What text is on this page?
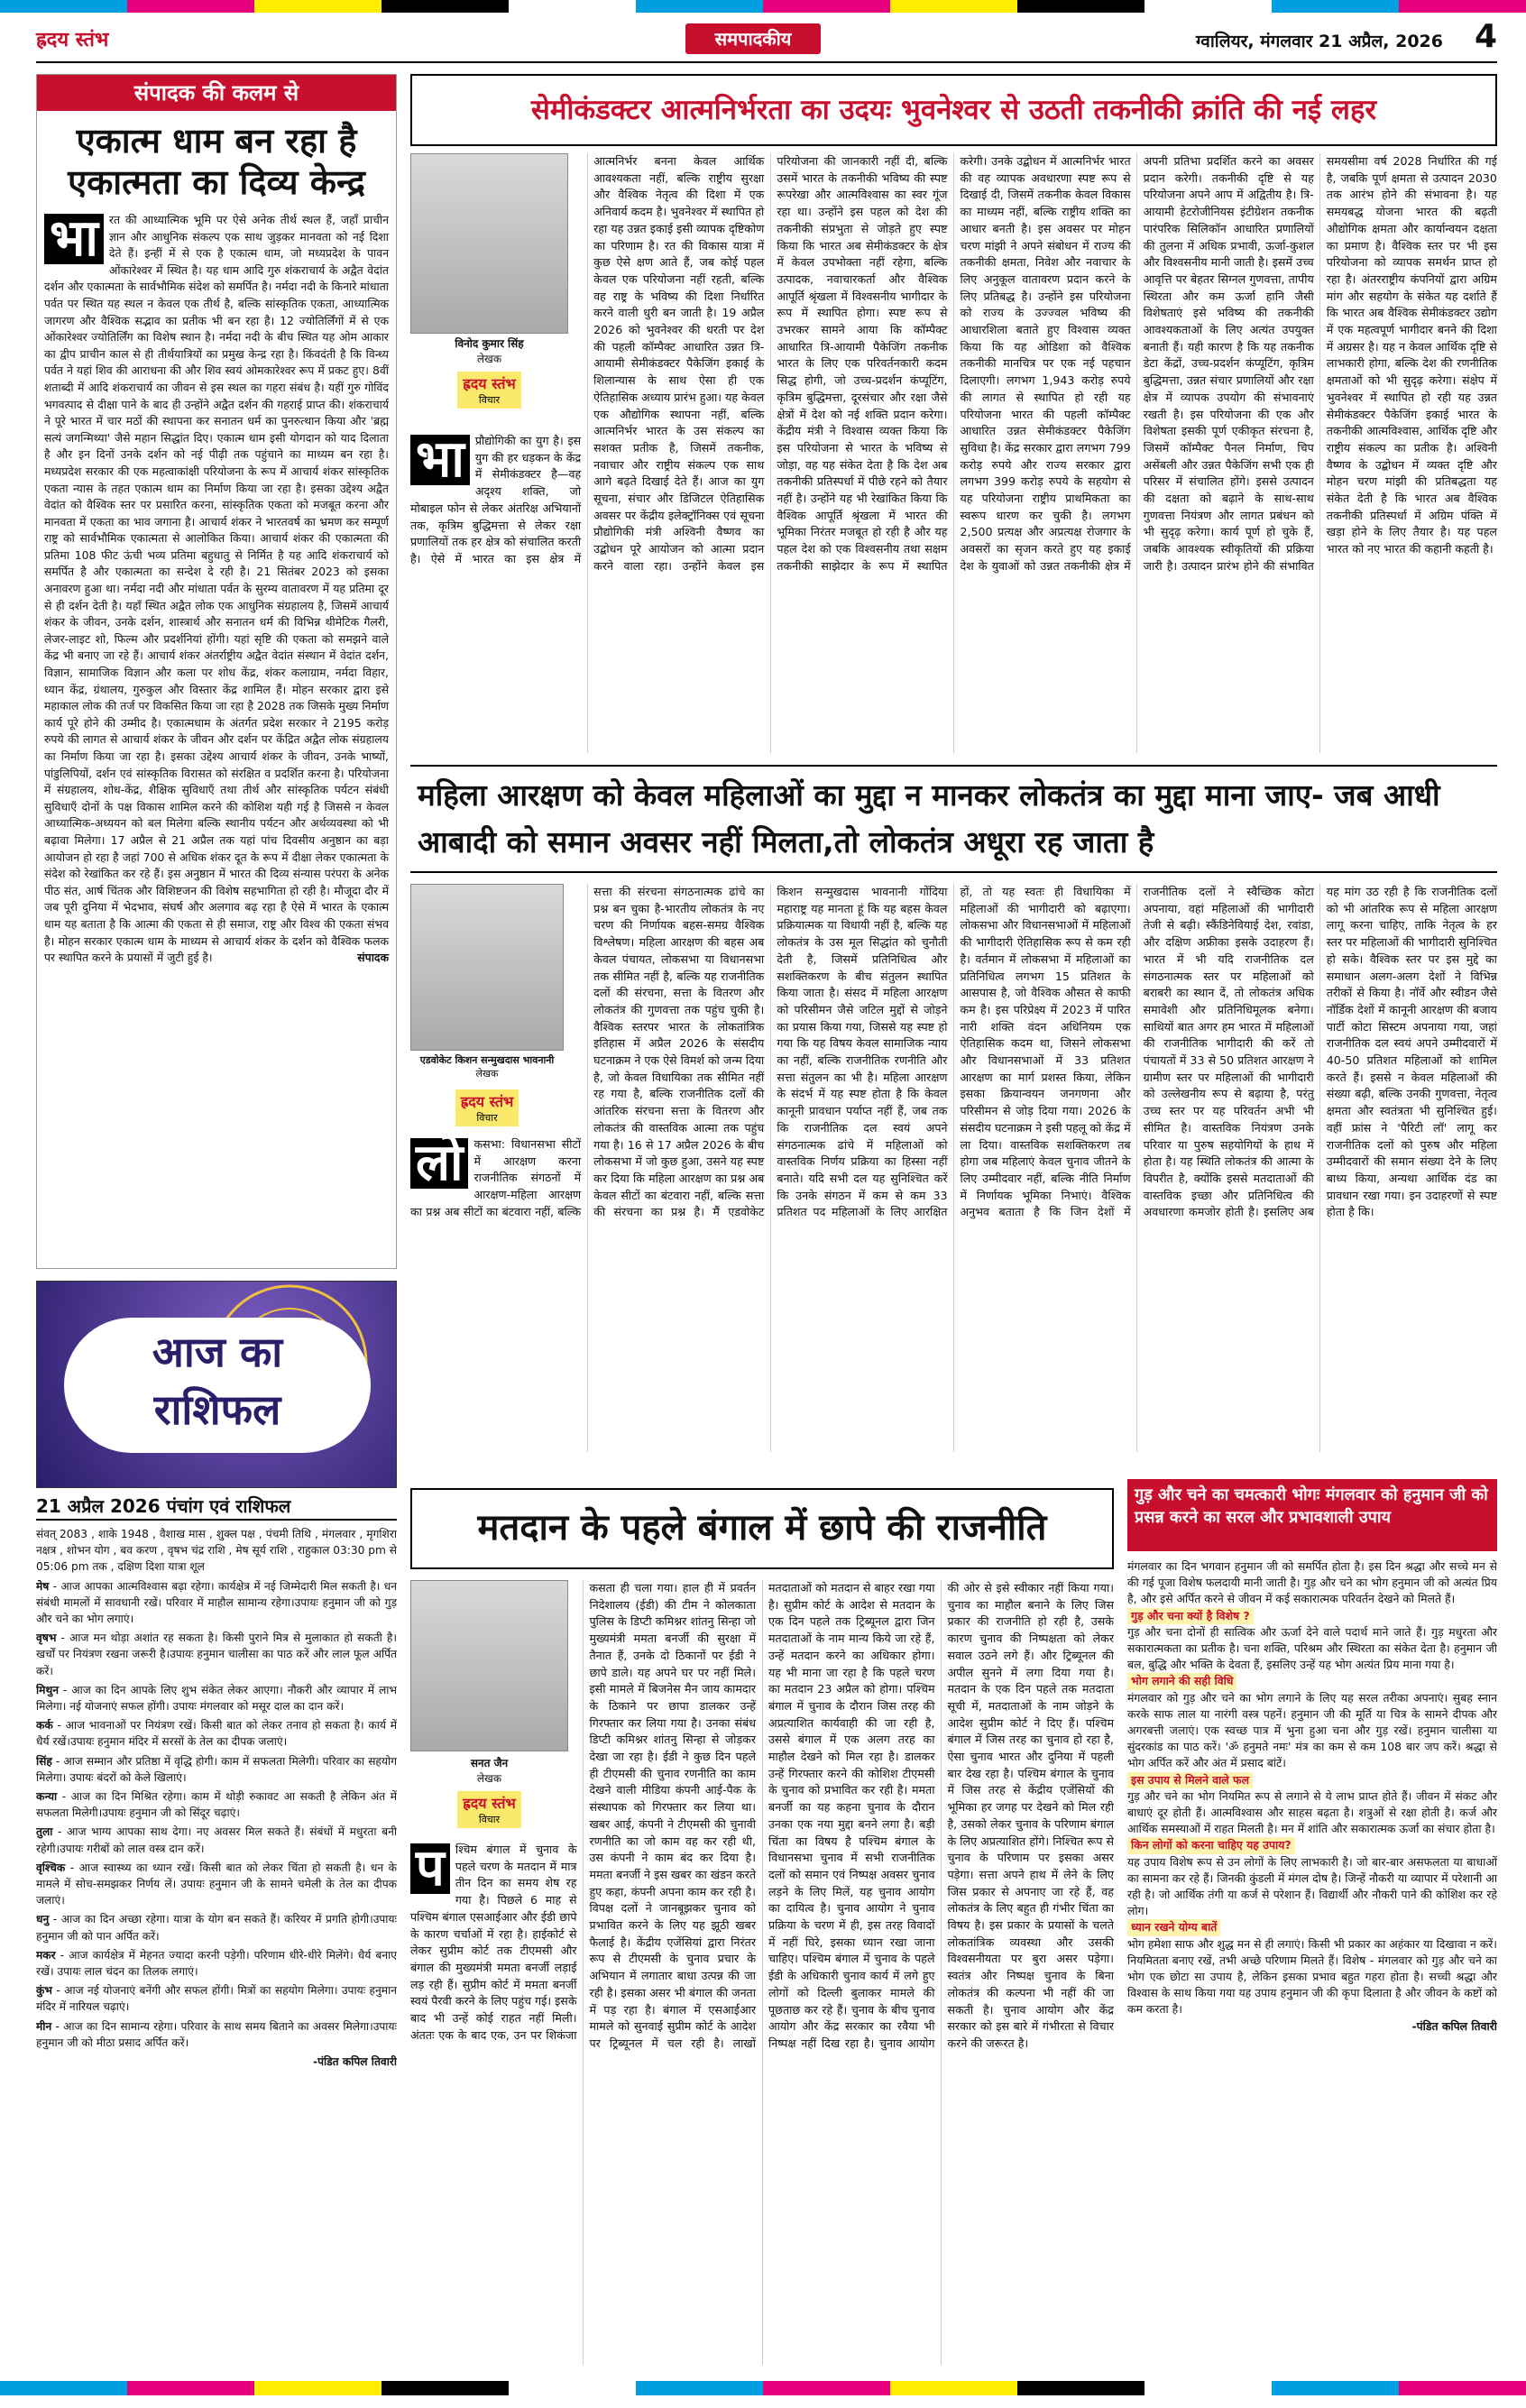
ह्रदय स्तंभ	समपादकीय	ग्वालियर, मंगलवार 21 अप्रैल, 2026 4
संपादक की कलम से
एकात्म धाम बन रहा है एकात्मता का दिव्य केन्द्र
भा रत की आध्यात्मिक भूमि पर ऐसे अनेक तीर्थ स्थल हैं, जहाँ प्राचीन ज्ञान और आधुनिक संकल्प एक साथ जुड़कर मानवता को नई दिशा देते हैं। इन्हीं में से एक है एकात्म धाम, जो मध्यप्रदेश के पावन ओंकारेश्वर में स्थित है। यह धाम आदि गुरु शंकराचार्य के अद्वैत वेदांत दर्शन और एकात्मता के सार्वभौमिक संदेश को समर्पित है। नर्मदा नदी के किनारे मांधाता पर्वत पर स्थित यह स्थल न केवल एक तीर्थ है, बल्कि सांस्कृतिक एकता, आध्यात्मिक जागरण और वैश्विक सद्भाव का प्रतीक भी बन रहा है। 12 ज्योतिर्लिंगों में से एक ओंकारेश्वर ज्योतिर्लिंग का विशेष स्थान है। नर्मदा नदी के बीच स्थित यह ओम आकार का द्वीप प्राचीन काल से ही तीर्थयात्रियों का प्रमुख केन्द्र रहा है। किंवदंती है कि विन्ध्य पर्वत ने यहां शिव की आराधना की और शिव स्वयं ओमकारेश्वर रूप में प्रकट हुए। 8वीं शताब्दी में आदि शंकराचार्य का जीवन से इस स्थल का गहरा संबंध है। यहीं गुरु गोविंद भगवत्पाद से दीक्षा पाने के बाद ही उन्होंने अद्वैत दर्शन की गहराई प्राप्त की। शंकराचार्य ने पूरे भारत में चार मठों की स्थापना कर सनातन धर्म का पुनरुत्थान किया और 'ब्रह्म सत्यं जगन्मिथ्या' जैसे महान सिद्धांत दिए। एकात्म धाम इसी योगदान को याद दिलाता है और इन दिनों उनके दर्शन को नई पीढ़ी तक पहुंचाने का माध्यम बन रहा है। मध्यप्रदेश सरकार की एक महत्वाकांक्षी परियोजना के रूप में आचार्य शंकर सांस्कृतिक एकता न्यास के तहत एकात्म धाम का निर्माण किया जा रहा है। इसका उद्देश्य अद्वैत वेदांत को वैश्विक स्तर पर प्रसारित करना, सांस्कृतिक एकता को मजबूत करना और मानवता में एकता का भाव जगाना है। आचार्य शंकर ने भारतवर्ष का भ्रमण कर सम्पूर्ण राष्ट्र को सार्वभौमिक एकात्मता से आलोकित किया। आचार्य शंकर की एकात्मता की प्रतिमा 108 फीट ऊंची भव्य प्रतिमा बहुधातु से निर्मित है यह आदि शंकराचार्य को समर्पित है और एकात्मता का सन्देश दे रही है। 21 सितंबर 2023 को इसका अनावरण हुआ था। नर्मदा नदी और मांधाता पर्वत के सुरम्य वातावरण में यह प्रतिमा दूर से ही दर्शन देती है। यहाँ स्थित अद्वैत लोक एक आधुनिक संग्रहालय है, जिसमें आचार्य शंकर के जीवन, उनके दर्शन, शास्त्रार्थ और सनातन धर्म की विभिन्न थीमेटिक गैलरी, लेजर-लाइट शो, फिल्म और प्रदर्शनियां होंगी। यहां सृष्टि की एकता को समझने वाले केंद्र भी बनाए जा रहे हैं। आचार्य शंकर अंतर्राष्ट्रीय अद्वैत वेदांत संस्थान में वेदांत दर्शन, विज्ञान, सामाजिक विज्ञान और कला पर शोध केंद्र, शंकर कलाग्राम, नर्मदा विहार, ध्यान केंद्र, ग्रंथालय, गुरुकुल और विस्तार केंद्र शामिल हैं। मोहन सरकार द्वारा इसे महाकाल लोक की तर्ज पर विकसित किया जा रहा है 2028 तक जिसके मुख्य निर्माण कार्य पूरे होने की उम्मीद है। एकात्मधाम के अंतर्गत प्रदेश सरकार ने 2195 करोड़ रुपये की लागत से आचार्य शंकर के जीवन और दर्शन पर केंद्रित अद्वैत लोक संग्रहालय का निर्माण किया जा रहा है। इसका उद्देश्य आचार्य शंकर के जीवन, उनके भाष्यों, पांडुलिपियों, दर्शन एवं सांस्कृतिक विरासत को संरक्षित व प्रदर्शित करना है। परियोजना में संग्रहालय, शोध-केंद्र, शैक्षिक सुविधाएँ तथा तीर्थ और सांस्कृतिक पर्यटन संबंधी सुविधाएँ दोनों के पक्ष विकास शामिल करने की कोशिश यही गई है जिससे न केवल आध्यात्मिक-अध्ययन को बल मिलेगा बल्कि स्थानीय पर्यटन और अर्थव्यवस्था को भी बढ़ावा मिलेगा। 17 अप्रैल से 21 अप्रैल तक यहां पांच दिवसीय अनुष्ठान का बड़ा आयोजन हो रहा है जहां 700 से अधिक शंकर दूत के रूप में दीक्षा लेकर एकात्मता के संदेश को रेखांकित कर रहे हैं। इस अनुष्ठान में भारत की दिव्य संन्यास परंपरा के अनेक पीठ संत, आर्ष चिंतक और विशिष्टजन की विशेष सहभागिता हो रही है। मौजूदा दौर में जब पूरी दुनिया में भेदभाव, संघर्ष और अलगाव बढ़ रहा है ऐसे में भारत के एकात्म धाम यह बताता है कि आत्मा की एकता से ही समाज, राष्ट्र और विश्व की एकता संभव है। मोहन सरकार एकात्म धाम के माध्यम से आचार्य शंकर के दर्शन को वैश्विक फलक पर स्थापित करने के प्रयासों में जुटी हुई है।	संपादक
आज का
राशिफल
21 अप्रैल 2026 पंचांग एवं राशिफल

संवत् 2083 , शाके 1948 , वैशाख मास , शुक्ल पक्ष , पंचमी तिथि , मंगलवार , मृगशिरा नक्षत्र , शोभन योग , बव करण , वृषभ चंद्र राशि , मेष सूर्य राशि , राहुकाल 03:30 pm से 05:06 pm तक , दक्षिण दिशा यात्रा शूल

मेष - आज आपका आत्मविश्वास बढ़ा रहेगा। कार्यक्षेत्र में नई जिम्मेदारी मिल सकती है। धन संबंधी मामलों में सावधानी रखें। परिवार में माहौल सामान्य रहेगा।उपायः हनुमान जी को गुड़ और चने का भोग लगाएं।

वृषभ - आज मन थोड़ा अशांत रह सकता है। किसी पुराने मित्र से मुलाकात हो सकती है। खर्चों पर नियंत्रण रखना जरूरी है।उपायः हनुमान चालीसा का पाठ करें और लाल फूल अर्पित करें।

मिथुन - आज का दिन आपके लिए शुभ संकेत लेकर आएगा। नौकरी और व्यापार में लाभ मिलेगा। नई योजनाएं सफल होंगी। उपायः मंगलवार को मसूर दाल का दान करें।

कर्क - आज भावनाओं पर नियंत्रण रखें। किसी बात को लेकर तनाव हो सकता है। कार्य में धैर्य रखें।उपायः हनुमान मंदिर में सरसों के तेल का दीपक जलाएं।

सिंह - आज सम्मान और प्रतिष्ठा में वृद्धि होगी। काम में सफलता मिलेगी। परिवार का सहयोग मिलेगा। उपायः बंदरों को केले खिलाएं।

कन्या - आज का दिन मिश्रित रहेगा। काम में थोड़ी रुकावट आ सकती है लेकिन अंत में सफलता मिलेगी।उपायः हनुमान जी को सिंदूर चढ़ाएं।

तुला - आज भाग्य आपका साथ देगा। नए अवसर मिल सकते हैं। संबंधों में मधुरता बनी रहेगी।उपायः गरीबों को लाल वस्त्र दान करें।

वृश्चिक - आज स्वास्थ्य का ध्यान रखें। किसी बात को लेकर चिंता हो सकती है। धन के मामले में सोच-समझकर निर्णय लें। उपायः हनुमान जी के सामने चमेली के तेल का दीपक जलाएं।

धनु - आज का दिन अच्छा रहेगा। यात्रा के योग बन सकते हैं। करियर में प्रगति होगी।उपायः हनुमान जी को पान अर्पित करें।

मकर - आज कार्यक्षेत्र में मेहनत ज्यादा करनी पड़ेगी। परिणाम धीरे-धीरे मिलेंगे। धैर्य बनाए रखें। उपायः लाल चंदन का तिलक लगाएं।

कुंभ - आज नई योजनाएं बनेंगी और सफल होंगी। मित्रों का सहयोग मिलेगा। उपायः हनुमान मंदिर में नारियल चढ़ाएं।

मीन - आज का दिन सामान्य रहेगा। परिवार के साथ समय बिताने का अवसर मिलेगा।उपायः हनुमान जी को मीठा प्रसाद अर्पित करें।

-पंडित कपिल तिवारी

सेमीकंडक्टर आत्मनिर्भरता का उदयः भुवनेश्वर से उठती तकनीकी क्रांति की नई लहर
विनोद कुमार सिंह
लेखक
ह्रदय स्तंभ
विचार
भा प्रौद्योगिकी का युग है। इस युग की हर धड़कन के केंद्र में सेमीकंडक्टर है—वह अदृश्य शक्ति, जो मोबाइल फोन से लेकर अंतरिक्ष अभियानों तक, कृत्रिम बुद्धिमत्ता से लेकर रक्षा प्रणालियों तक हर क्षेत्र को संचालित करती है। ऐसे में भारत का इस क्षेत्र में आत्मनिर्भर बनना केवल आर्थिक आवश्यकता नहीं, बल्कि राष्ट्रीय सुरक्षा और वैश्विक नेतृत्व की दिशा में एक अनिवार्य कदम है। भुवनेश्वर में स्थापित हो रहा यह उन्नत इकाई इसी व्यापक दृष्टिकोण का परिणाम है। रत की विकास यात्रा में कुछ ऐसे क्षण आते हैं, जब कोई पहल केवल एक परियोजना नहीं रहती, बल्कि वह राष्ट्र के भविष्य की दिशा निर्धारित करने वाली धुरी बन जाती है। 19 अप्रैल 2026 को भुवनेश्वर की धरती पर देश की पहली कॉम्पैक्ट आधारित उन्नत त्रि-आयामी सेमीकंडक्टर पैकेजिंग इकाई के शिलान्यास के साथ ऐसा ही एक ऐतिहासिक अध्याय प्रारंभ हुआ। यह केवल एक औद्योगिक स्थापना नहीं, बल्कि आत्मनिर्भर भारत के उस संकल्प का सशक्त प्रतीक है, जिसमें तकनीक, नवाचार और राष्ट्रीय संकल्प एक साथ आगे बढ़ते दिखाई देते हैं। आज का युग सूचना, संचार और डिजिटल ऐतिहासिक अवसर पर केंद्रीय इलेक्ट्रॉनिक्स एवं सूचना प्रौद्योगिकी मंत्री अश्विनी वैष्णव का उद्बोधन पूरे आयोजन को आत्मा प्रदान करने वाला रहा। उन्होंने केवल इस परियोजना की जानकारी नहीं दी, बल्कि उसमें भारत के तकनीकी भविष्य की स्पष्ट रूपरेखा और आत्मविश्वास का स्वर गूंज रहा था। उन्होंने इस पहल को देश की तकनीकी संप्रभुता से जोड़ते हुए स्पष्ट किया कि भारत अब सेमीकंडक्टर के क्षेत्र में केवल उपभोक्ता नहीं रहेगा, बल्कि उत्पादक, नवाचारकर्ता और वैश्विक आपूर्ति श्रृंखला में विश्वसनीय भागीदार के रूप में स्थापित होगा। स्पष्ट रूप से उभरकर सामने आया कि कॉम्पैक्ट आधारित त्रि-आयामी पैकेजिंग तकनीक भारत के लिए एक परिवर्तनकारी कदम सिद्ध होगी, जो उच्च-प्रदर्शन कंप्यूटिंग, कृत्रिम बुद्धिमत्ता, दूरसंचार और रक्षा जैसे क्षेत्रों में देश को नई शक्ति प्रदान करेगा। केंद्रीय मंत्री ने विश्वास व्यक्त किया कि इस परियोजना से भारत के भविष्य से जोड़ा, वह यह संकेत देता है कि देश अब तकनीकी प्रतिस्पर्धा में पीछे रहने को तैयार नहीं है। उन्होंने यह भी रेखांकित किया कि वैश्विक आपूर्ति श्रृंखला में भारत की भूमिका निरंतर मजबूत हो रही है और यह पहल देश को एक विश्वसनीय तथा सक्षम तकनीकी साझेदार के रूप में स्थापित करेगी। उनके उद्बोधन में आत्मनिर्भर भारत की वह व्यापक अवधारणा स्पष्ट रूप से दिखाई दी, जिसमें तकनीक केवल विकास का माध्यम नहीं, बल्कि राष्ट्रीय शक्ति का आधार बनती है। इस अवसर पर मोहन चरण मांझी ने अपने संबोधन में राज्य की तकनीकी क्षमता, निवेश और नवाचार के लिए अनुकूल वातावरण प्रदान करने के लिए प्रतिबद्ध है। उन्होंने इस परियोजना को राज्य के उज्ज्वल भविष्य की आधारशिला बताते हुए विश्वास व्यक्त किया कि यह ओडिशा को वैश्विक तकनीकी मानचित्र पर एक नई पहचान दिलाएगी। लगभग 1,943 करोड़ रुपये की लागत से स्थापित हो रही यह परियोजना भारत की पहली कॉम्पैक्ट आधारित उन्नत सेमीकंडक्टर पैकेजिंग सुविधा है। केंद्र सरकार द्वारा लगभग 799 करोड़ रुपये और राज्य सरकार द्वारा लगभग 399 करोड़ रुपये के सहयोग से यह परियोजना राष्ट्रीय प्राथमिकता का स्वरूप धारण कर चुकी है। लगभग 2,500 प्रत्यक्ष और अप्रत्यक्ष रोजगार के अवसरों का सृजन करते हुए यह इकाई देश के युवाओं को उन्नत तकनीकी क्षेत्र में अपनी प्रतिभा प्रदर्शित करने का अवसर प्रदान करेगी। तकनीकी दृष्टि से यह परियोजना अपने आप में अद्वितीय है। त्रि-आयामी हेटरोजीनियस इंटीग्रेशन तकनीक पारंपरिक सिलिकॉन आधारित प्रणालियों की तुलना में अधिक प्रभावी, ऊर्जा-कुशल और विश्वसनीय मानी जाती है। इसमें उच्च आवृत्ति पर बेहतर सिग्नल गुणवत्ता, तापीय स्थिरता और कम ऊर्जा हानि जैसी विशेषताएं इसे भविष्य की तकनीकी आवश्यकताओं के लिए अत्यंत उपयुक्त बनाती हैं। यही कारण है कि यह तकनीक डेटा केंद्रों, उच्च-प्रदर्शन कंप्यूटिंग, कृत्रिम बुद्धिमत्ता, उन्नत संचार प्रणालियों और रक्षा क्षेत्र में व्यापक उपयोग की संभावनाएं रखती है। इस परियोजना की एक और विशेषता इसकी पूर्ण एकीकृत संरचना है, जिसमें कॉम्पैक्ट पैनल निर्माण, चिप असेंबली और उन्नत पैकेजिंग सभी एक ही परिसर में संचालित होंगे। इससे उत्पादन की दक्षता को बढ़ाने के साथ-साथ गुणवत्ता नियंत्रण और लागत प्रबंधन को भी सुदृढ़ करेगा। कार्य पूर्ण हो चुके हैं, जबकि आवश्यक स्वीकृतियों की प्रक्रिया जारी है। उत्पादन प्रारंभ होने की संभावित समयसीमा वर्ष 2028 निर्धारित की गई है, जबकि पूर्ण क्षमता से उत्पादन 2030 तक आरंभ होने की संभावना है। यह समयबद्ध योजना भारत की बढ़ती औद्योगिक क्षमता और कार्यान्वयन दक्षता का प्रमाण है। वैश्विक स्तर पर भी इस परियोजना को व्यापक समर्थन प्राप्त हो रहा है। अंतरराष्ट्रीय कंपनियों द्वारा अग्रिम मांग और सहयोग के संकेत यह दर्शाते हैं कि भारत अब वैश्विक सेमीकंडक्टर उद्योग में एक महत्वपूर्ण भागीदार बनने की दिशा में अग्रसर है। यह न केवल आर्थिक दृष्टि से लाभकारी होगा, बल्कि देश की रणनीतिक क्षमताओं को भी सुदृढ़ करेगा। संक्षेप में भुवनेश्वर में स्थापित हो रही यह उन्नत सेमीकंडक्टर पैकेजिंग इकाई भारत के तकनीकी आत्मविश्वास, आर्थिक दृष्टि और राष्ट्रीय संकल्प का प्रतीक है। अश्विनी वैष्णव के उद्बोधन में व्यक्त दृष्टि और मोहन चरण मांझी की प्रतिबद्धता यह संकेत देती है कि भारत अब वैश्विक तकनीकी प्रतिस्पर्धा में अग्रिम पंक्ति में खड़ा होने के लिए तैयार है। यह पहल भारत को नए भारत की कहानी कहती है।
महिला आरक्षण को केवल महिलाओं का मुद्दा न मानकर लोकतंत्र का मुद्दा माना जाए- जब आधी आबादी को समान अवसर नहीं मिलता,तो लोकतंत्र अधूरा रह जाता है
एडवोकेट किशन सन्मुखदास भावनानी
लेखक
ह्रदय स्तंभ
विचार
लो कसभा: विधानसभा सीटों में आरक्षण करना राजनीतिक संगठनों में आरक्षण-महिला आरक्षण का प्रश्न अब सीटों का बंटवारा नहीं, बल्कि सत्ता की संरचना संगठनात्मक ढांचे का प्रश्न बन चुका है-भारतीय लोकतंत्र के नए चरण की निर्णायक बहस-समग्र वैश्विक विश्लेषण। महिला आरक्षण की बहस अब केवल पंचायत, लोकसभा या विधानसभा तक सीमित नहीं है, बल्कि यह राजनीतिक दलों की संरचना, सत्ता के वितरण और लोकतंत्र की गुणवत्ता तक पहुंच चुकी है। वैश्विक स्तरपर भारत के लोकतांत्रिक इतिहास में अप्रैल 2026 के संसदीय घटनाक्रम ने एक ऐसे विमर्श को जन्म दिया है, जो केवल विधायिका तक सीमित नहीं रह गया है, बल्कि राजनीतिक दलों की आंतरिक संरचना सत्ता के वितरण और लोकतंत्र की वास्तविक आत्मा तक पहुंच गया है। 16 से 17 अप्रैल 2026 के बीच लोकसभा में जो कुछ हुआ, उसने यह स्पष्ट कर दिया कि महिला आरक्षण का प्रश्न अब केवल सीटों का बंटवारा नहीं, बल्कि सत्ता की संरचना का प्रश्न है। मैं एडवोकेट किशन सन्मुखदास भावनानी गोंदिया महाराष्ट्र यह मानता हूं कि यह बहस केवल प्रक्रियात्मक या विधायी नहीं है, बल्कि यह लोकतंत्र के उस मूल सिद्धांत को चुनौती देती है, जिसमें प्रतिनिधित्व और सशक्तिकरण के बीच संतुलन स्थापित किया जाता है। संसद में महिला आरक्षण को परिसीमन जैसे जटिल मुद्दों से जोड़ने का प्रयास किया गया, जिससे यह स्पष्ट हो गया कि यह विषय केवल सामाजिक न्याय का नहीं, बल्कि राजनीतिक रणनीति और सत्ता संतुलन का भी है। महिला आरक्षण के संदर्भ में यह स्पष्ट होता है कि केवल कानूनी प्रावधान पर्याप्त नहीं हैं, जब तक कि राजनीतिक दल स्वयं अपने संगठनात्मक ढांचे में महिलाओं को वास्तविक निर्णय प्रक्रिया का हिस्सा नहीं बनाते। यदि सभी दल यह सुनिश्चित करें कि उनके संगठन में कम से कम 33 प्रतिशत पद महिलाओं के लिए आरक्षित हों, तो यह स्वतः ही विधायिका में महिलाओं की भागीदारी को बढ़ाएगा। लोकसभा और विधानसभाओं में महिलाओं की भागीदारी ऐतिहासिक रूप से कम रही है। वर्तमान में लोकसभा में महिलाओं का प्रतिनिधित्व लगभग 15 प्रतिशत के आसपास है, जो वैश्विक औसत से काफी कम है। इस परिप्रेक्ष्य में 2023 में पारित नारी शक्ति वंदन अधिनियम एक ऐतिहासिक कदम था, जिसने लोकसभा और विधानसभाओं में 33 प्रतिशत आरक्षण का मार्ग प्रशस्त किया, लेकिन इसका क्रियान्वयन जनगणना और परिसीमन से जोड़ दिया गया। 2026 के संसदीय घटनाक्रम ने इसी पहलू को केंद्र में ला दिया। वास्तविक सशक्तिकरण तब होगा जब महिलाएं केवल चुनाव जीतने के लिए उम्मीदवार नहीं, बल्कि नीति निर्माण में निर्णायक भूमिका निभाएं। वैश्विक अनुभव बताता है कि जिन देशों में राजनीतिक दलों ने स्वैच्छिक कोटा अपनाया, वहां महिलाओं की भागीदारी तेजी से बढ़ी। स्कैंडिनेवियाई देश, रवांडा, और दक्षिण अफ्रीका इसके उदाहरण हैं। भारत में भी यदि राजनीतिक दल संगठनात्मक स्तर पर महिलाओं को बराबरी का स्थान दें, तो लोकतंत्र अधिक समावेशी और प्रतिनिधिमूलक बनेगा। साथियों बात अगर हम भारत में महिलाओं की राजनीतिक भागीदारी की करें तो पंचायतों में 33 से 50 प्रतिशत आरक्षण ने ग्रामीण स्तर पर महिलाओं की भागीदारी को उल्लेखनीय रूप से बढ़ाया है, परंतु उच्च स्तर पर यह परिवर्तन अभी भी सीमित है। वास्तविक नियंत्रण उनके परिवार या पुरुष सहयोगियों के हाथ में होता है। यह स्थिति लोकतंत्र की आत्मा के विपरीत है, क्योंकि इससे मतदाताओं की वास्तविक इच्छा और प्रतिनिधित्व की अवधारणा कमजोर होती है। इसलिए अब यह मांग उठ रही है कि राजनीतिक दलों को भी आंतरिक रूप से महिला आरक्षण लागू करना चाहिए, ताकि नेतृत्व के हर स्तर पर महिलाओं की भागीदारी सुनिश्चित हो सके। वैश्विक स्तर पर इस मुद्दे का समाधान अलग-अलग देशों ने विभिन्न तरीकों से किया है। नॉर्वे और स्वीडन जैसे नॉर्डिक देशों में कानूनी आरक्षण की बजाय पार्टी कोटा सिस्टम अपनाया गया, जहां राजनीतिक दल स्वयं अपने उम्मीदवारों में 40-50 प्रतिशत महिलाओं को शामिल करते हैं। इससे न केवल महिलाओं की संख्या बढ़ी, बल्कि उनकी गुणवत्ता, नेतृत्व क्षमता और स्वतंत्रता भी सुनिश्चित हुई। वहीं फ्रांस ने 'पैरिटी लॉ' लागू कर राजनीतिक दलों को पुरुष और महिला उम्मीदवारों की समान संख्या देने के लिए बाध्य किया, अन्यथा आर्थिक दंड का प्रावधान रखा गया। इन उदाहरणों से स्पष्ट होता है कि।
मतदान के पहले बंगाल में छापे की राजनीति
सनत जैन
लेखक
ह्रदय स्तंभ
विचार
प श्चिम बंगाल में चुनाव के पहले चरण के मतदान में मात्र तीन दिन का समय शेष रह गया है। पिछले 6 माह से पश्चिम बंगाल एसआईआर और ईडी छापे के कारण चर्चाओं में रहा है। हाईकोर्ट से लेकर सुप्रीम कोर्ट तक टीएमसी और बंगाल की मुख्यमंत्री ममता बनर्जी लड़ाई लड़ रही हैं। सुप्रीम कोर्ट में ममता बनर्जी स्वयं पैरवी करने के लिए पहुंच गई। इसके बाद भी उन्हें कोई राहत नहीं मिली। अंततः एक के बाद एक, उन पर शिकंजा कसता ही चला गया। हाल ही में प्रवर्तन निदेशालय (ईडी) की टीम ने कोलकाता पुलिस के डिप्टी कमिश्नर शांतनु सिन्हा जो मुख्यमंत्री ममता बनर्जी की सुरक्षा में तैनात हैं, उनके दो ठिकानों पर ईडी ने छापे डाले। यह अपने घर पर नहीं मिले। इसी मामले में बिजनेस मैन जाय कामदार के ठिकाने पर छापा डालकर उन्हें गिरफ्तार कर लिया गया है। उनका संबंध डिप्टी कमिश्नर शांतनु सिन्हा से जोड़कर देखा जा रहा है। ईडी ने कुछ दिन पहले ही टीएमसी की चुनाव रणनीति का काम देखने वाली मीडिया कंपनी आई-पैक के संस्थापक को गिरफ्तार कर लिया था। खबर आई, कंपनी ने टीएमसी की चुनावी रणनीति का जो काम वह कर रही थी, उस कंपनी ने काम बंद कर दिया है। ममता बनर्जी ने इस खबर का खंडन करते हुए कहा, कंपनी अपना काम कर रही है। विपक्ष दलों ने जानबूझकर चुनाव को प्रभावित करने के लिए यह झूठी खबर फैलाई है। केंद्रीय एजेंसियां द्वारा निरंतर रूप से टीएमसी के चुनाव प्रचार के अभियान में लगातार बाधा उत्पन्न की जा रही है। इसका असर भी बंगाल की जनता में पड़ रहा है। बंगाल में एसआईआर मामले को सुनवाई सुप्रीम कोर्ट के आदेश पर ट्रिब्यूनल में चल रही है। लाखों मतदाताओं को मतदान से बाहर रखा गया है। सुप्रीम कोर्ट के आदेश से मतदान के एक दिन पहले तक ट्रिब्यूनल द्वारा जिन मतदाताओं के नाम मान्य किये जा रहे हैं, उन्हें मतदान करने का अधिकार होगा। यह भी माना जा रहा है कि पहले चरण का मतदान 23 अप्रैल को होगा। पश्चिम बंगाल में चुनाव के दौरान जिस तरह की अप्रत्याशित कार्यवाही की जा रही है, उससे बंगाल में एक अलग तरह का माहौल देखने को मिल रहा है। डालकर उन्हें गिरफ्तार करने की कोशिश टीएमसी के चुनाव को प्रभावित कर रही है। ममता बनर्जी का यह कहना चुनाव के दौरान उनका एक नया मुद्दा बनने लगा है। बड़ी चिंता का विषय है पश्चिम बंगाल के विधानसभा चुनाव में सभी राजनीतिक दलों को समान एवं निष्पक्ष अवसर चुनाव लड़ने के लिए मिलें, यह चुनाव आयोग का दायित्व है। चुनाव आयोग ने चुनाव प्रक्रिया के चरण में ही, इस तरह विवादों में नहीं घिरे, इसका ध्यान रखा जाना चाहिए। पश्चिम बंगाल में चुनाव के पहले ईडी के अधिकारी चुनाव कार्य में लगे हुए लोगों को दिल्ली बुलाकर मामले की पूछताछ कर रहे हैं। चुनाव के बीच चुनाव आयोग और केंद्र सरकार का रवैया भी निष्पक्ष नहीं दिख रहा है। चुनाव आयोग की ओर से इसे स्वीकार नहीं किया गया। चुनाव का माहौल बनाने के लिए जिस प्रकार की राजनीति हो रही है, उसके कारण चुनाव की निष्पक्षता को लेकर सवाल उठने लगे हैं। और ट्रिब्यूनल की अपील सुनने में लगा दिया गया है। मतदान के एक दिन पहले तक मतदाता सूची में, मतदाताओं के नाम जोड़ने के आदेश सुप्रीम कोर्ट ने दिए हैं। पश्चिम बंगाल में जिस तरह का चुनाव हो रहा है, ऐसा चुनाव भारत और दुनिया में पहली बार देख रहा है। पश्चिम बंगाल के चुनाव में जिस तरह से केंद्रीय एजेंसियों की भूमिका हर जगह पर देखने को मिल रही है, उसको लेकर चुनाव के परिणाम बंगाल के लिए अप्रत्याशित होंगे। निश्चित रूप से चुनाव के परिणाम पर इसका असर पड़ेगा। सत्ता अपने हाथ में लेने के लिए जिस प्रकार से अपनाए जा रहे हैं, वह लोकतंत्र के लिए बहुत ही गंभीर चिंता का विषय है। इस प्रकार के प्रयासों के चलते लोकतांत्रिक व्यवस्था और उसकी विश्वसनीयता पर बुरा असर पड़ेगा। स्वतंत्र और निष्पक्ष चुनाव के बिना लोकतंत्र की कल्पना भी नहीं की जा सकती है। चुनाव आयोग और केंद्र सरकार को इस बारे में गंभीरता से विचार करने की जरूरत है।
गुड़ और चने का चमत्कारी भोगः मंगलवार को हनुमान जी को प्रसन्न करने का सरल और प्रभावशाली उपाय

मंगलवार का दिन भगवान हनुमान जी को समर्पित होता है। इस दिन श्रद्धा और सच्चे मन से की गई पूजा विशेष फलदायी मानी जाती है। गुड़ और चने का भोग हनुमान जी को अत्यंत प्रिय है, और इसे अर्पित करने से जीवन में कई सकारात्मक परिवर्तन देखने को मिलते हैं।

गुड़ और चना क्यों है विशेष ?

गुड़ और चना दोनों ही सात्विक और ऊर्जा देने वाले पदार्थ माने जाते हैं। गुड़ मधुरता और सकारात्मकता का प्रतीक है। चना शक्ति, परिश्रम और स्थिरता का संकेत देता है। हनुमान जी बल, बुद्धि और भक्ति के देवता हैं, इसलिए उन्हें यह भोग अत्यंत प्रिय माना गया है।

भोग लगाने की सही विधि

मंगलवार को गुड़ और चने का भोग लगाने के लिए यह सरल तरीका अपनाएं। सुबह स्नान करके साफ लाल या नारंगी वस्त्र पहनें। हनुमान जी की मूर्ति या चित्र के सामने दीपक और अगरबत्ती जलाएं। एक स्वच्छ पात्र में भुना हुआ चना और गुड़ रखें। हनुमान चालीसा या सुंदरकांड का पाठ करें। 'ॐ हनुमते नमः' मंत्र का कम से कम 108 बार जप करें। श्रद्धा से भोग अर्पित करें और अंत में प्रसाद बांटें।

इस उपाय से मिलने वाले फल

गुड़ और चने का भोग नियमित रूप से लगाने से ये लाभ प्राप्त होते हैं। जीवन में संकट और बाधाएं दूर होती हैं। आत्मविश्वास और साहस बढ़ता है। शत्रुओं से रक्षा होती है। कर्ज और आर्थिक समस्याओं में राहत मिलती है। मन में शांति और सकारात्मक ऊर्जा का संचार होता है।

किन लोगों को करना चाहिए यह उपाय?

यह उपाय विशेष रूप से उन लोगों के लिए लाभकारी है। जो बार-बार असफलता या बाधाओं का सामना कर रहे हैं। जिनकी कुंडली में मंगल दोष है। जिन्हें नौकरी या व्यापार में परेशानी आ रही है। जो आर्थिक तंगी या कर्ज से परेशान हैं। विद्यार्थी और नौकरी पाने की कोशिश कर रहे लोग।

ध्यान रखने योग्य बातें

भोग हमेशा साफ और शुद्ध मन से ही लगाएं। किसी भी प्रकार का अहंकार या दिखावा न करें। नियमितता बनाए रखें, तभी अच्छे परिणाम मिलते हैं। विशेष - मंगलवार को गुड़ और चने का भोग एक छोटा सा उपाय है, लेकिन इसका प्रभाव बहुत गहरा होता है। सच्ची श्रद्धा और विश्वास के साथ किया गया यह उपाय हनुमान जी की कृपा दिलाता है और जीवन के कष्टों को कम करता है।

-पंडित कपिल तिवारी
